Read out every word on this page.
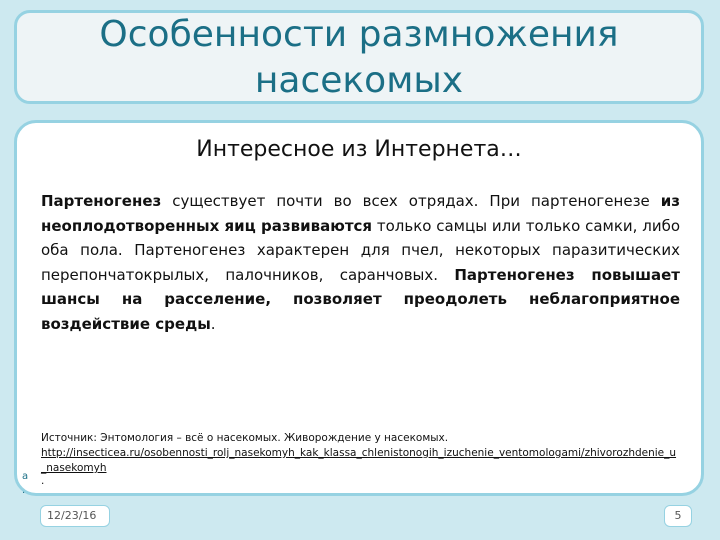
Особенности размножения
насекомых
Интересное из Интернета…
Партеногенез существует почти во всех отрядах. При партеногенезе из неоплодотворенных яиц развиваются только самцы или только самки, либо оба пола. Партеногенез характерен для пчел, некоторых паразитических перепончатокрылых, палочников, саранчовых. Партеногенез повышает шансы на расселение, позволяет преодолеть неблагоприятное воздействие среды.
Источник: Энтомология – всё о насекомых. Живорождение у насекомых.
http://insecticea.ru/osobennosti_rolj_nasekomyh_kak_klassa_chlenistonogih_izuchenie_ventomologami/zhivorozhdenie_u_nasekomyh
.
a
.
12/23/16	5
